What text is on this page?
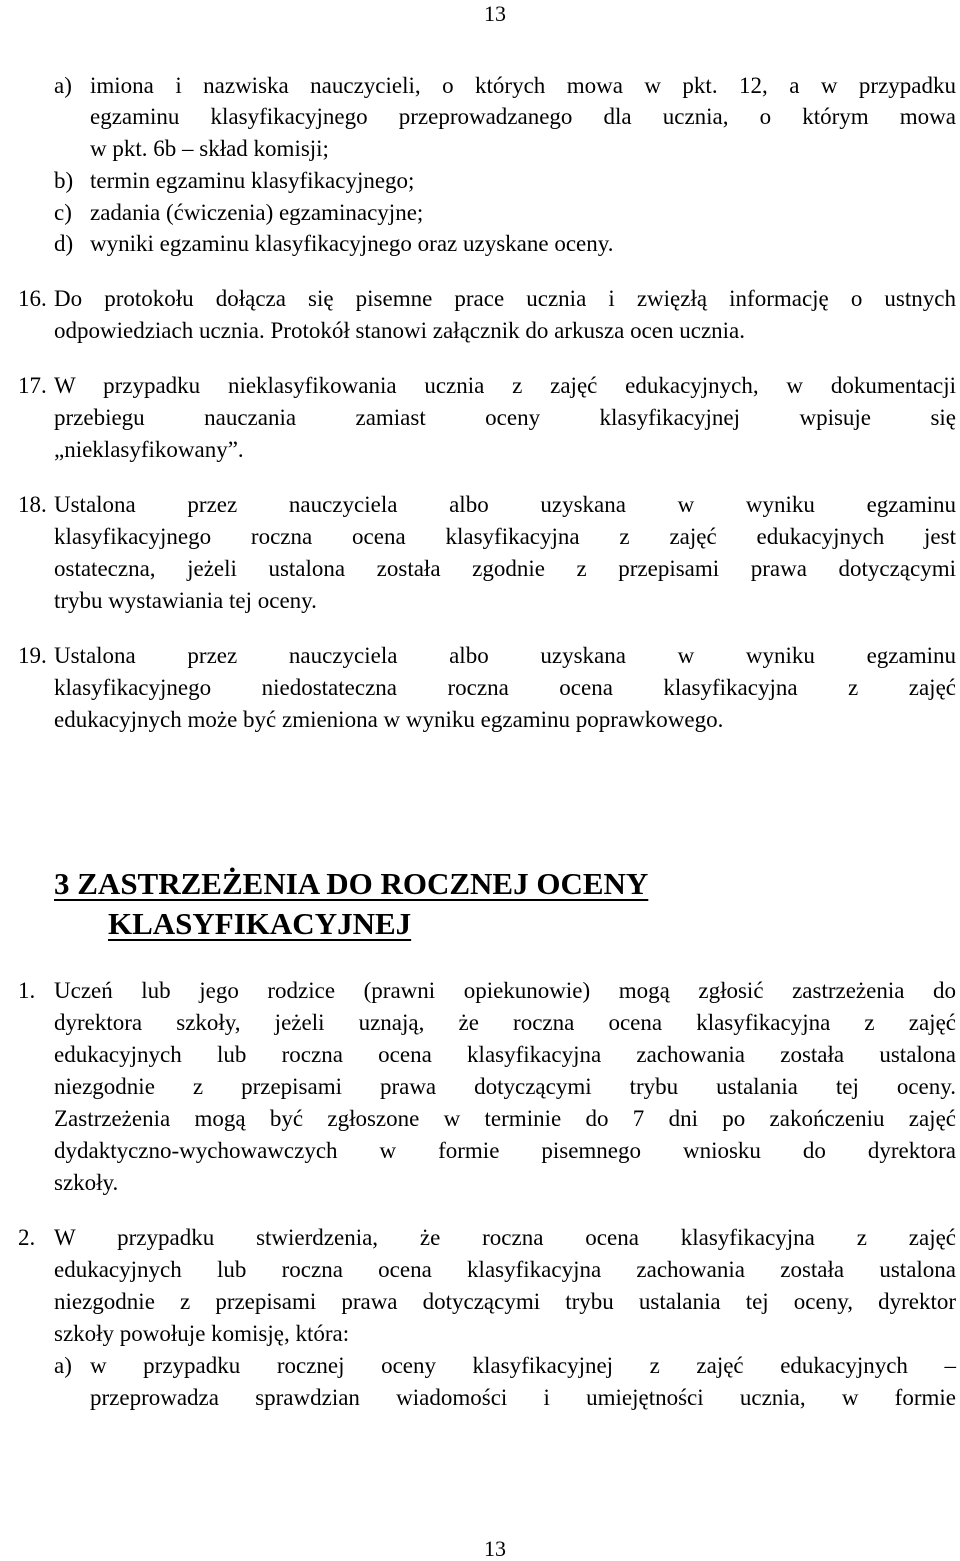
13
a) imiona i nazwiska nauczycieli, o których mowa w pkt. 12, a w przypadku
egzaminu klasyfikacyjnego przeprowadzanego dla ucznia, o którym mowa
w pkt. 6b – skład komisji;
b) termin egzaminu klasyfikacyjnego;
c) zadania (ćwiczenia) egzaminacyjne;
d) wyniki egzaminu klasyfikacyjnego oraz uzyskane oceny.
16. Do protokołu dołącza się pisemne prace ucznia i zwięzłą informację o ustnych
odpowiedziach ucznia. Protokół stanowi załącznik do arkusza ocen ucznia.
17. W przypadku nieklasyfikowania ucznia z zajęć edukacyjnych, w dokumentacji
przebiegu nauczania zamiast oceny klasyfikacyjnej wpisuje się
„nieklasyfikowany”.
18. Ustalona przez nauczyciela albo uzyskana w wyniku egzaminu
klasyfikacyjnego roczna ocena klasyfikacyjna z zajęć edukacyjnych jest
ostateczna, jeżeli ustalona została zgodnie z przepisami prawa dotyczącymi
trybu wystawiania tej oceny.
19. Ustalona przez nauczyciela albo uzyskana w wyniku egzaminu
klasyfikacyjnego niedostateczna roczna ocena klasyfikacyjna z zajęć
edukacyjnych może być zmieniona w wyniku egzaminu poprawkowego.
3 ZASTRZEŻENIA DO ROCZNEJ OCENY
KLASYFIKACYJNEJ
1. Uczeń lub jego rodzice (prawni opiekunowie) mogą zgłosić zastrzeżenia do
dyrektora szkoły, jeżeli uznają, że roczna ocena klasyfikacyjna z zajęć
edukacyjnych lub roczna ocena klasyfikacyjna zachowania została ustalona
niezgodnie z przepisami prawa dotyczącymi trybu ustalania tej oceny.
Zastrzeżenia mogą być zgłoszone w terminie do 7 dni po zakończeniu zajęć
dydaktyczno-wychowawczych w formie pisemnego wniosku do dyrektora
szkoły.
2. W przypadku stwierdzenia, że roczna ocena klasyfikacyjna z zajęć
edukacyjnych lub roczna ocena klasyfikacyjna zachowania została ustalona
niezgodnie z przepisami prawa dotyczącymi trybu ustalania tej oceny, dyrektor
szkoły powołuje komisję, która:
a) w przypadku rocznej oceny klasyfikacyjnej z zajęć edukacyjnych –
przeprowadza sprawdzian wiadomości i umiejętności ucznia, w formie
13
